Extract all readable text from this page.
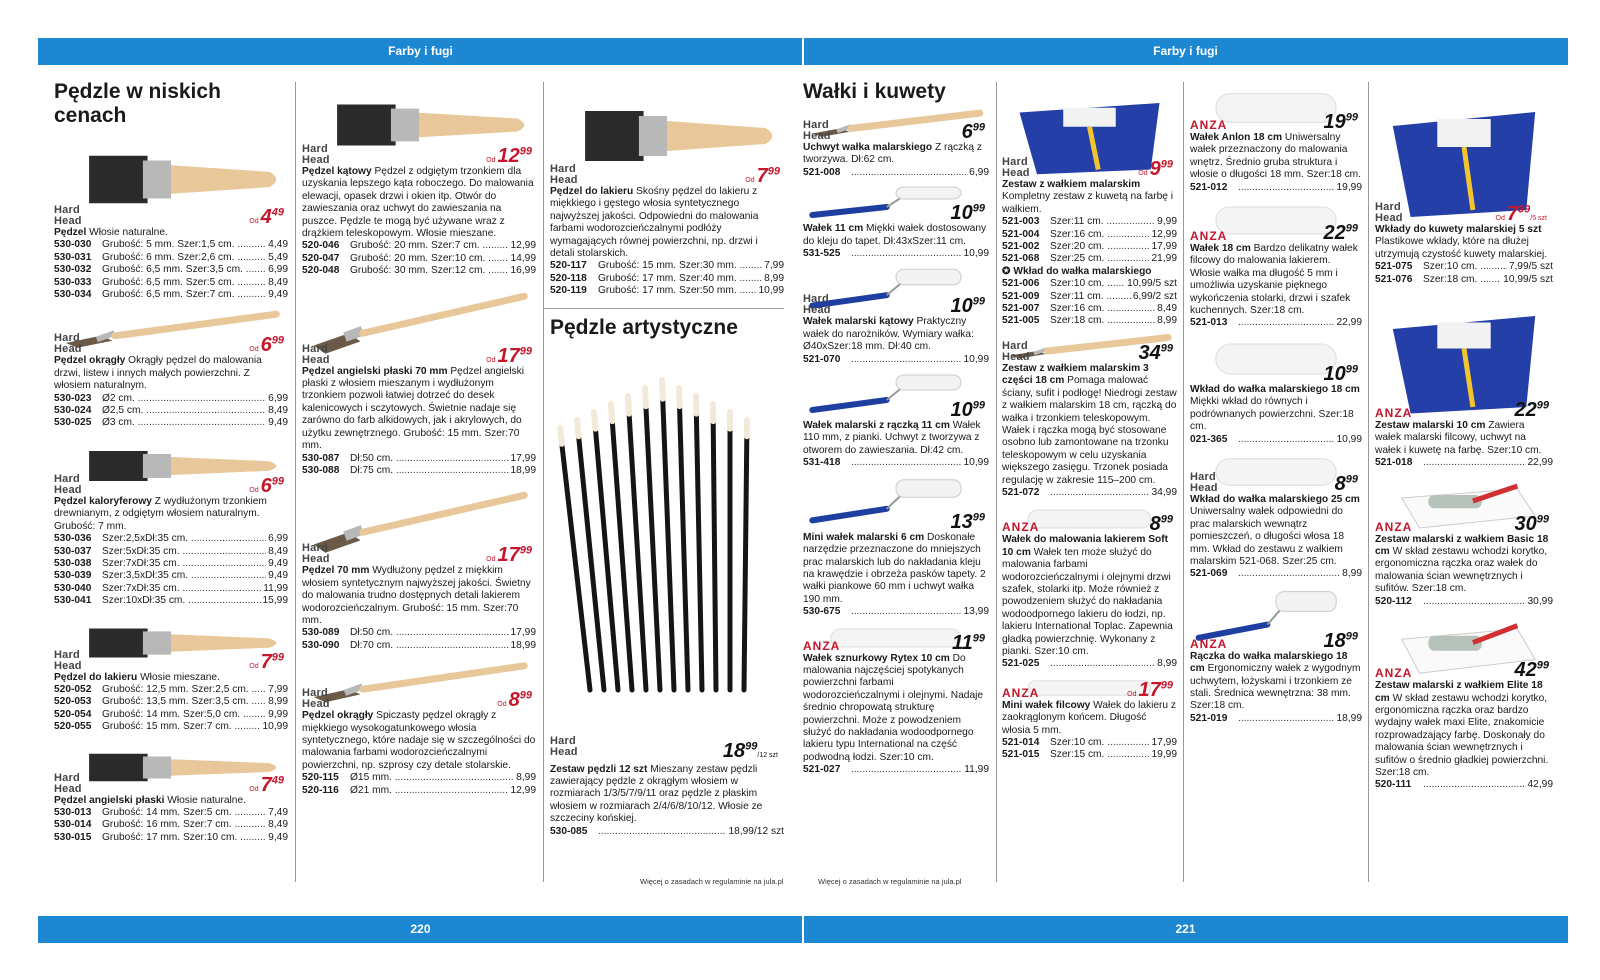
Farby i fugi	Farby i fugi
220	221
Więcej o zasadach w regulaminie na jula.pl	Więcej o zasadach w regulaminie na jula.pl
Pędzle w niskich cenach
Hard Head	Od $4^{49}$
Pędzel Włosie naturalne.
530-030	Grubość: 5 mm. Szer:1,5 cm. .....	4,49
530-031	Grubość: 6 mm. Szer:2,6 cm. .....	5,49
530-032	Grubość: 6,5 mm. Szer:3,5 cm. .....	6,99
530-033	Grubość: 6,5 mm. Szer:5 cm. .....	8,49
530-034	Grubość: 6,5 mm. Szer:7 cm. .....	9,49
Hard Head	Od $6^{99}$
Pędzel okrągły Okrągły pędzel do malowania drzwi, listew i innych małych powierzchni. Z włosiem naturalnym.
530-023	Ø2 cm. .....	6,99
530-024	Ø2,5 cm. .....	8,49
530-025	Ø3 cm. .....	9,49
Hard Head	Od $6^{99}$
Pędzel kaloryferowy Z wydłużonym trzonkiem drewnianym, z odgiętym włosiem naturalnym. Grubość: 7 mm.
530-036	Szer:2,5xDł:35 cm. .....	6,99
530-037	Szer:5xDł:35 cm. .....	8,49
530-038	Szer:7xDł:35 cm. .....	9,49
530-039	Szer:3,5xDł:35 cm. .....	9,49
530-040	Szer:7xDł:35 cm. .....	11,99
530-041	Szer:10xDł:35 cm. .....	15,99
Hard Head	Od $7^{99}$
Pędzel do lakieru Włosie mieszane.
520-052	Grubość: 12,5 mm. Szer:2,5 cm. .....	7,99
520-053	Grubość: 13,5 mm. Szer:3,5 cm. .....	8,99
520-054	Grubość: 14 mm. Szer:5,0 cm. .....	9,99
520-055	Grubość: 15 mm. Szer:7 cm. .....	10,99
Hard Head	Od $7^{49}$
Pędzel angielski płaski Włosie naturalne.
530-013	Grubość: 14 mm. Szer:5 cm. .....	7,49
530-014	Grubość: 16 mm. Szer:7 cm. .....	8,49
530-015	Grubość: 17 mm. Szer:10 cm. .....	9,49
Hard Head	Od $12^{99}$
Pędzel kątowy Pędzel z odgiętym trzonkiem dla uzyskania lepszego kąta roboczego. Do malowania elewacji, opasek drzwi i okien itp. Otwór do zawieszania oraz uchwyt do zawieszania na puszce. Pędzle te mogą być używane wraz z drążkiem teleskopowym. Włosie mieszane.
520-046	Grubość: 20 mm. Szer:7 cm. .....	12,99
520-047	Grubość: 20 mm. Szer:10 cm. .....	14,99
520-048	Grubość: 30 mm. Szer:12 cm. .....	16,99
Hard Head	Od $17^{99}$
Pędzel angielski płaski 70 mm Pędzel angielski płaski z włosiem mieszanym i wydłużonym trzonkiem pozwoli łatwiej dotrzeć do desek kalenicowych i sczytowych. Świetnie nadaje się zarówno do farb alkidowych, jak i akrylowych, do użytku zewnętrznego. Grubość: 15 mm. Szer:70 mm.
530-087	Dł:50 cm. .....	17,99
530-088	Dł:75 cm. .....	18,99
Hard Head	Od $17^{99}$
Pędzel 70 mm Wydłużony pędzel z miękkim włosiem syntetycznym najwyższej jakości. Świetny do malowania trudno dostępnych detali lakierem wodorozcieńczalnym. Grubość: 15 mm. Szer:70 mm.
530-089	Dł:50 cm. .....	17,99
530-090	Dł:70 cm. .....	18,99
Hard Head	Od $8^{99}$
Pędzel okrągły Spiczasty pędzel okrągły z miękkiego wysokogatunkowego włosia syntetycznego, które nadaje się w szczególności do malowania farbami wodorozcieńczalnymi powierzchni, np. szprosy czy detale stolarskie.
520-115	Ø15 mm. .....	8,99
520-116	Ø21 mm. .....	12,99
Hard Head	Od $7^{99}$
Pędzel do lakieru Skośny pędzel do lakieru z miękkiego i gęstego włosia syntetycznego najwyższej jakości. Odpowiedni do malowania farbami wodorozcieńczalnymi podłóży wymagających równej powierzchni, np. drzwi i detali stolarskich.
520-117	Grubość: 15 mm. Szer:30 mm. .....	7,99
520-118	Grubość: 17 mm. Szer:40 mm. .....	8,99
520-119	Grubość: 17 mm. Szer:50 mm. .....	10,99
Pędzle artystyczne
Hard Head	$18^{99}/12$ szt
Zestaw pędzli 12 szt Mieszany zestaw pędzli zawierający pędzle z okrągłym włosiem w rozmiarach 1/3/5/7/9/11 oraz pędzle z płaskim włosiem w rozmiarach 2/4/6/8/10/12. Włosie ze szczeciny końskiej.
530-085 .....	18,99/12 szt
Wałki i kuwety
Hard Head	$6^{99}$
Uchwyt wałka malarskiego Z rączką z tworzywa. Dł:62 cm.
521-008 .....	6,99
$10^{99}$
Wałek 11 cm Miękki wałek dostosowany do kleju do tapet. Dł:43xSzer:11 cm.
531-525 .....	10,99
Hard Head	$10^{99}$
Wałek malarski kątowy Praktyczny wałek do narożników. Wymiary wałka: Ø40xSzer:18 mm. Dł:40 cm.
521-070 .....	10,99
$10^{99}$
Wałek malarski z rączką 11 cm Wałek 110 mm, z pianki. Uchwyt z tworzywa z otworem do zawieszania. Dł:42 cm.
531-418 .....	10,99
$13^{99}$
Mini wałek malarski 6 cm Doskonałe narzędzie przeznaczone do mniejszych prac malarskich lub do nakładania kleju na krawędzie i obrzeża pasków tapety. 2 wałki piankowe 60 mm i uchwyt wałka 190 mm.
530-675 .....	13,99
ANZA	$11^{99}$
Wałek sznurkowy Rytex 10 cm Do malowania najczęściej spotykanych powierzchni farbami wodorozcieńczalnymi i olejnymi. Nadaje średnio chropowatą strukturę powierzchni. Może z powodzeniem służyć do nakładania wodoodpornego lakieru typu International na część podwodną łodzi. Szer:10 cm.
521-027 .....	11,99
Hard Head	Od $9^{99}$
Zestaw z wałkiem malarskim Kompletny zestaw z kuwetą na farbę i wałkiem.
521-003	Szer:11 cm. .....	9,99
521-004	Szer:16 cm. .....	12,99
521-002	Szer:20 cm. .....	17,99
521-068	Szer:25 cm. .....	21,99
✪ Wkład do wałka malarskiego
521-006	Szer:10 cm. .....	10,99/5 szt
521-009	Szer:11 cm. .....	6,99/2 szt
521-007	Szer:16 cm. .....	8,49
521-005	Szer:18 cm. .....	8,99
Hard Head	$34^{99}$
Zestaw z wałkiem malarskim 3 części 18 cm Pomaga malować ściany, sufit i podłogę! Niedrogi zestaw z wałkiem malarskim 18 cm, rączką do wałka i trzonkiem teleskopowym. Wałek i rączka mogą być stosowane osobno lub zamontowane na trzonku teleskopowym w celu uzyskania większego zasięgu. Trzonek posiada regulację w zakresie 115–200 cm.
521-072 .....	34,99
ANZA	$8^{99}$
Wałek do malowania lakierem Soft 10 cm Wałek ten może służyć do malowania farbami wodorozcieńczalnymi i olejnymi drzwi szafek, stolarki itp. Może również z powodzeniem służyć do nakładania wodoodpornego lakieru do łodzi, np. lakieru International Toplac. Zapewnia gładką powierzchnię. Wykonany z pianki. Szer:10 cm.
521-025 .....	8,99
ANZA	Od $17^{99}$
Mini wałek filcowy Wałek do lakieru z zaokrąglonym końcem. Długość włosia 5 mm.
521-014	Szer:10 cm. .....	17,99
521-015	Szer:15 cm. .....	19,99
ANZA	$19^{99}$
Wałek Anlon 18 cm Uniwersalny wałek przeznaczony do malowania wnętrz. Średnio gruba struktura i włosie o długości 18 mm. Szer:18 cm.
521-012 .....	19,99
ANZA	$22^{99}$
Wałek 18 cm Bardzo delikatny wałek filcowy do malowania lakierem. Włosie wałka ma długość 5 mm i umożliwia uzyskanie pięknego wykończenia stolarki, drzwi i szafek kuchennych. Szer:18 cm.
521-013 .....	22,99
$10^{99}$
Wkład do wałka malarskiego 18 cm Miękki wkład do równych i podrównanych powierzchni. Szer:18 cm.
021-365 .....	10,99
Hard Head	$8^{99}$
Wkład do wałka malarskiego 25 cm Uniwersalny wałek odpowiedni do prac malarskich wewnątrz pomieszczeń, o długości włosa 18 mm. Wkład do zestawu z wałkiem malarskim 521-068. Szer:25 cm.
521-069 .....	8,99
ANZA	$18^{99}$
Rączka do wałka malarskiego 18 cm Ergonomiczny wałek z wygodnym uchwytem, łożyskami i trzonkiem ze stali. Średnica wewnętrzna: 38 mm. Szer:18 cm.
521-019 .....	18,99
Hard Head	Od $7^{99}/5$ szt
Wkłady do kuwety malarskiej 5 szt Plastikowe wkłady, które na dłużej utrzymują czystość kuwety malarskiej.
521-075	Szer:10 cm. .....	7,99/5 szt
521-076	Szer:18 cm. .....	10,99/5 szt
ANZA	$22^{99}$
Zestaw malarski 10 cm Zawiera wałek malarski filcowy, uchwyt na wałek i kuwetę na farbę. Szer:10 cm.
521-018 .....	22,99
ANZA	$30^{99}$
Zestaw malarski z wałkiem Basic 18 cm W skład zestawu wchodzi korytko, ergonomiczna rączka oraz wałek do malowania ścian wewnętrznych i sufitów. Szer:18 cm.
520-112 .....	30,99
ANZA	$42^{99}$
Zestaw malarski z wałkiem Elite 18 cm W skład zestawu wchodzi korytko, ergonomiczna rączka oraz bardzo wydajny wałek maxi Elite, znakomicie rozprowadzający farbę. Doskonały do malowania ścian wewnętrznych i sufitów o średnio gładkiej powierzchni. Szer:18 cm.
520-111 .....	42,99
